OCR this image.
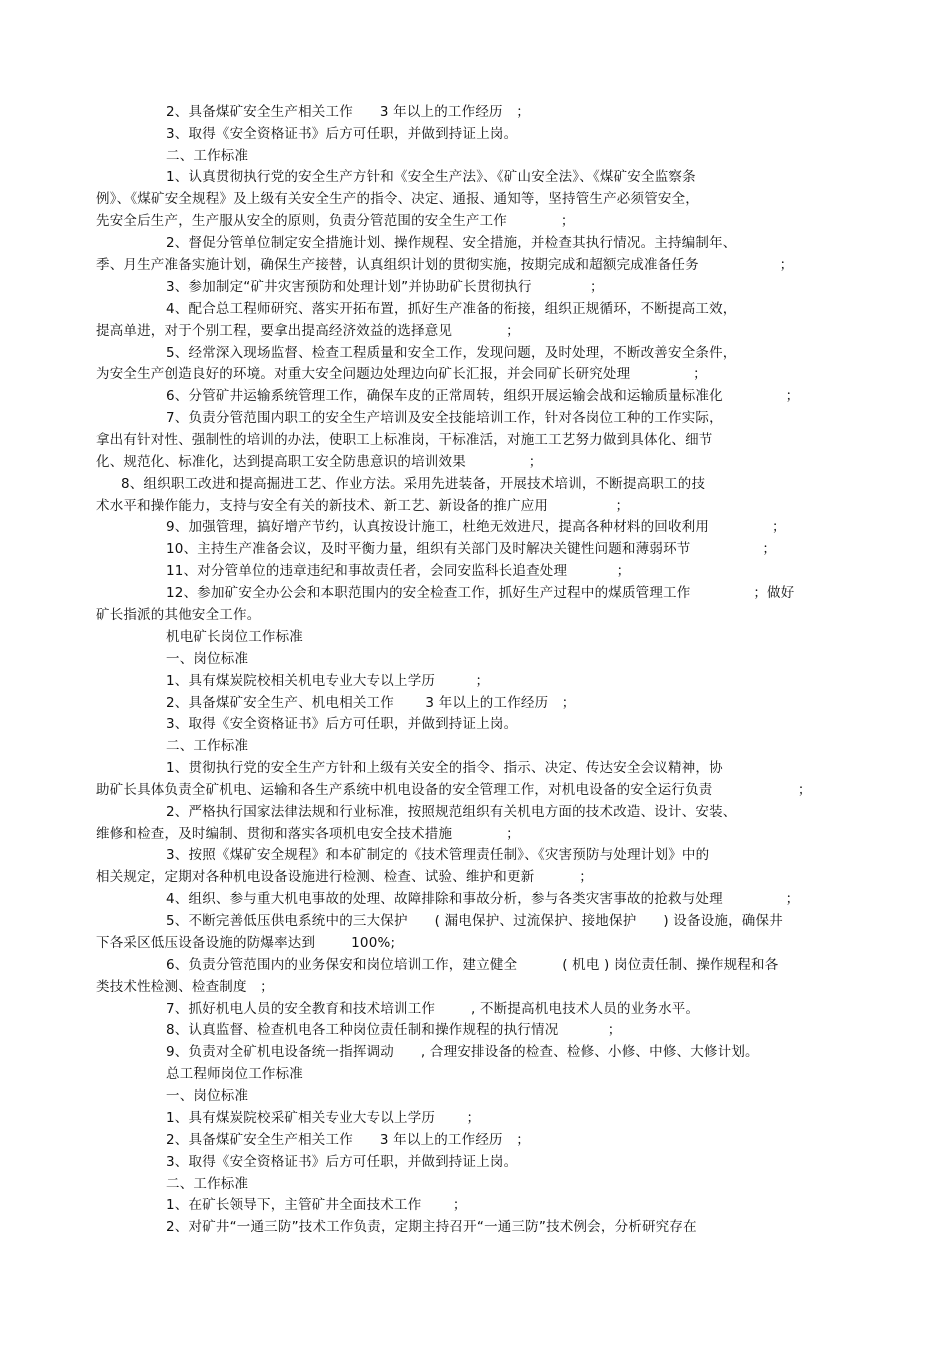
2、具备煤矿安全生产相关工作      3 年以上的工作经历   ；
3、取得《安全资格证书》后方可任职，并做到持证上岗。
二、工作标准
1、认真贯彻执行党的安全生产方针和《安全生产法》、《矿山安全法》、《煤矿安全监察条
例》、《煤矿安全规程》及上级有关安全生产的指令、决定、通报、通知等，坚持管生产必须管安全，
先安全后生产，生产服从安全的原则，负责分管范围的安全生产工作            ；
2、督促分管单位制定安全措施计划、操作规程、安全措施，并检查其执行情况。主持编制年、
季、月生产准备实施计划，确保生产接替，认真组织计划的贯彻实施，按期完成和超额完成准备任务                  ；
3、参加制定“矿井灾害预防和处理计划”并协助矿长贯彻执行             ；
4、配合总工程师研究、落实开拓布置，抓好生产准备的衔接，组织正规循环，不断提高工效，
提高单进，对于个别工程，要拿出提高经济效益的选择意见            ；
5、经常深入现场监督、检查工程质量和安全工作，发现问题，及时处理，不断改善安全条件，
为安全生产创造良好的环境。对重大安全问题边处理边向矿长汇报，并会同矿长研究处理              ；
6、分管矿井运输系统管理工作，确保车皮的正常周转，组织开展运输会战和运输质量标准化              ；
7、负责分管范围内职工的安全生产培训及安全技能培训工作，针对各岗位工种的工作实际，
拿出有针对性、强制性的培训的办法，使职工上标准岗，干标准活，对施工工艺努力做到具体化、细节
化、规范化、标准化，达到提高职工安全防患意识的培训效果              ；
8、组织职工改进和提高掘进工艺、作业方法。采用先进装备，开展技术培训，不断提高职工的技
术水平和操作能力，支持与安全有关的新技术、新工艺、新设备的推广应用               ；
9、加强管理，搞好增产节约，认真按设计施工，杜绝无效进尺，提高各种材料的回收利用              ；
10、主持生产准备会议，及时平衡力量，组织有关部门及时解决关键性问题和薄弱环节                ；
11、对分管单位的违章违纪和事故责任者，会同安监科长追查处理           ；
12、参加矿安全办公会和本职范围内的安全检查工作，抓好生产过程中的煤质管理工作              ；做好
矿长指派的其他安全工作。
机电矿长岗位工作标准
一、岗位标准
1、具有煤炭院校相关机电专业大专以上学历         ；
2、具备煤矿安全生产、机电相关工作       3 年以上的工作经历   ；
3、取得《安全资格证书》后方可任职，并做到持证上岗。
二、工作标准
1、贯彻执行党的安全生产方针和上级有关安全的指令、指示、决定、传达安全会议精神，协
助矿长具体负责全矿机电、运输和各生产系统中机电设备的安全管理工作，对机电设备的安全运行负责                   ；
2、严格执行国家法律法规和行业标准，按照规范组织有关机电方面的技术改造、设计、安装、
维修和检查，及时编制、贯彻和落实各项机电安全技术措施            ；
3、按照《煤矿安全规程》和本矿制定的《技术管理责任制》、《灾害预防与处理计划》中的
相关规定，定期对各种机电设备设施进行检测、检查、试验、维护和更新          ；
4、组织、参与重大机电事故的处理、故障排除和事故分析，参与各类灾害事故的抢救与处理              ；
5、不断完善低压供电系统中的三大保护      ( 漏电保护、过流保护、接地保护      ) 设备设施，确保井
下各采区低压设备设施的防爆率达到        100%;
6、负责分管范围内的业务保安和岗位培训工作，建立健全          ( 机电 ) 岗位责任制、操作规程和各
类技术性检测、检查制度   ；
7、抓好机电人员的安全教育和技术培训工作        , 不断提高机电技术人员的业务水平。
8、认真监督、检查机电各工种岗位责任制和操作规程的执行情况           ；
9、负责对全矿机电设备统一指挥调动      , 合理安排设备的检查、检修、小修、中修、大修计划。
总工程师岗位工作标准
一、岗位标准
1、具有煤炭院校采矿相关专业大专以上学历       ；
2、具备煤矿安全生产相关工作      3 年以上的工作经历   ；
3、取得《安全资格证书》后方可任职，并做到持证上岗。
二、工作标准
1、在矿长领导下，主管矿井全面技术工作       ；
2、对矿井“一通三防”技术工作负责，定期主持召开“一通三防”技术例会，分析研究存在
